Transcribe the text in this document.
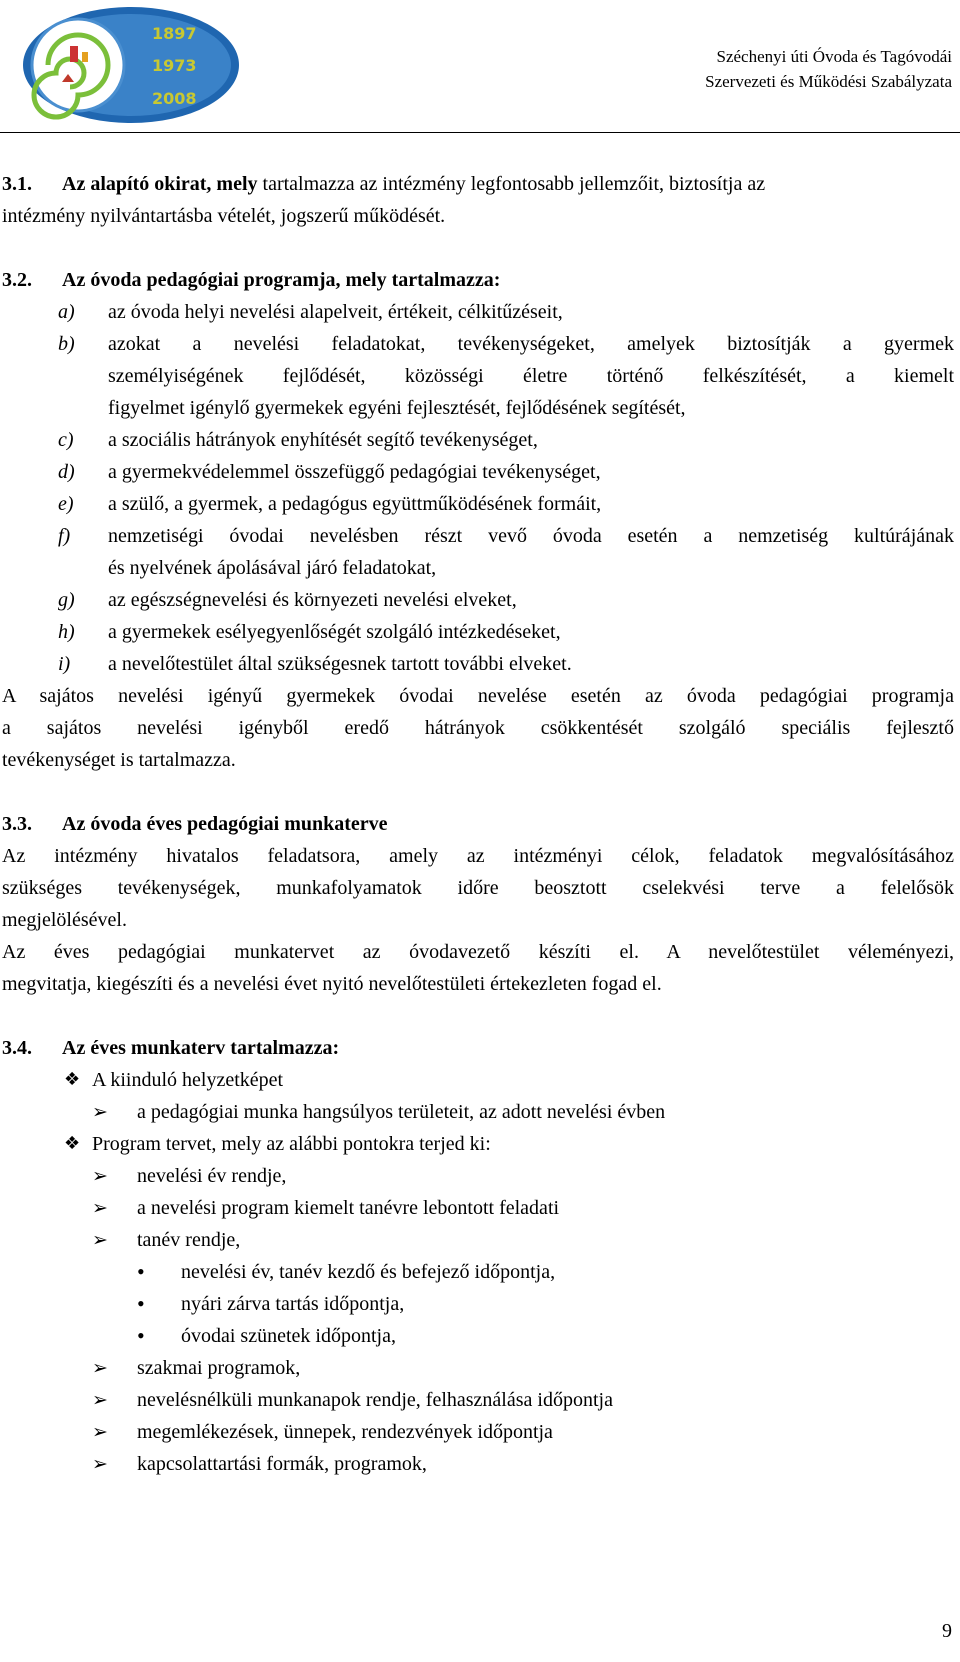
1897
1973
2008
Széchenyi úti Óvoda és Tagóvodái
Szervezeti és Működési Szabályzata
3.1. Az alapító okirat, mely tartalmazza az intézmény legfontosabb jellemzőit, biztosítja az
intézmény nyilvántartásba vételét, jogszerű működését.
3.2. Az óvoda pedagógiai programja, mely tartalmazza:
a) az óvoda helyi nevelési alapelveit, értékeit, célkitűzéseit,
b) azokat a nevelési feladatokat, tevékenységeket, amelyek biztosítják a gyermek
személyiségének fejlődését, közösségi életre történő felkészítését, a kiemelt
figyelmet igénylő gyermekek egyéni fejlesztését, fejlődésének segítését,
c) a szociális hátrányok enyhítését segítő tevékenységet,
d) a gyermekvédelemmel összefüggő pedagógiai tevékenységet,
e) a szülő, a gyermek, a pedagógus együttműködésének formáit,
f) nemzetiségi óvodai nevelésben részt vevő óvoda esetén a nemzetiség kultúrájának
és nyelvének ápolásával járó feladatokat,
g) az egészségnevelési és környezeti nevelési elveket,
h) a gyermekek esélyegyenlőségét szolgáló intézkedéseket,
i) a nevelőtestület által szükségesnek tartott további elveket.
A sajátos nevelési igényű gyermekek óvodai nevelése esetén az óvoda pedagógiai programja
a sajátos nevelési igényből eredő hátrányok csökkentését szolgáló speciális fejlesztő
tevékenységet is tartalmazza.
3.3. Az óvoda éves pedagógiai munkaterve
Az intézmény hivatalos feladatsora, amely az intézményi célok, feladatok megvalósításához
szükséges tevékenységek, munkafolyamatok időre beosztott cselekvési terve a felelősök
megjelölésével.
Az éves pedagógiai munkatervet az óvodavezető készíti el. A nevelőtestület véleményezi,
megvitatja, kiegészíti és a nevelési évet nyitó nevelőtestületi értekezleten fogad el.
3.4. Az éves munkaterv tartalmazza:
❖ A kiinduló helyzetképet
➢ a pedagógiai munka hangsúlyos területeit, az adott nevelési évben
❖ Program tervet, mely az alábbi pontokra terjed ki:
➢ nevelési év rendje,
➢ a nevelési program kiemelt tanévre lebontott feladati
➢ tanév rendje,
• nevelési év, tanév kezdő és befejező időpontja,
• nyári zárva tartás időpontja,
• óvodai szünetek időpontja,
➢ szakmai programok,
➢ nevelésnélküli munkanapok rendje, felhasználása időpontja
➢ megemlékezések, ünnepek, rendezvények időpontja
➢ kapcsolattartási formák, programok,
9
